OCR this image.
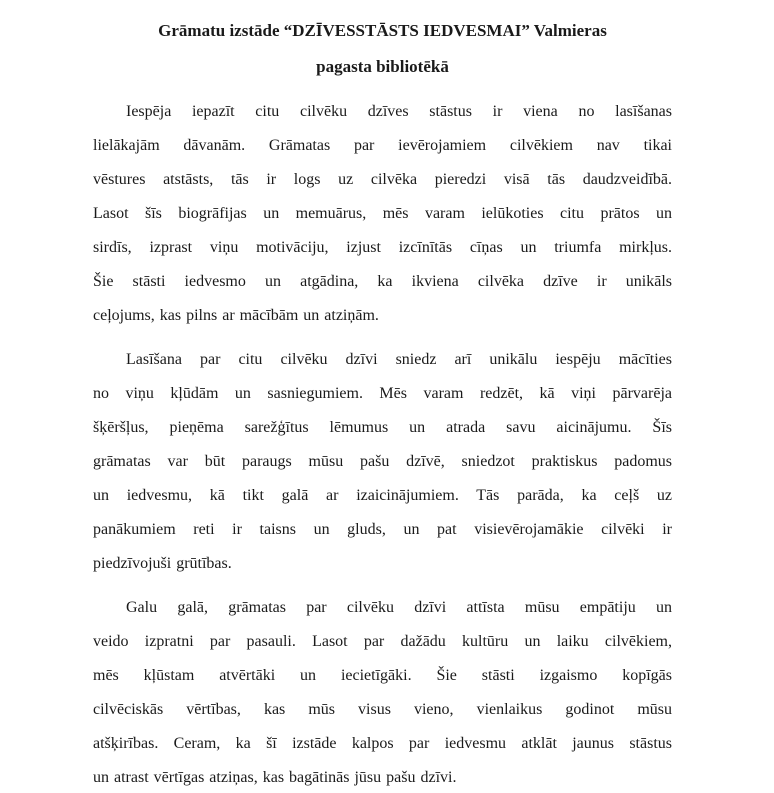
Grāmatu izstāde “DZĪVESSTĀSTS IEDVESMAI” Valmieras
pagasta bibliotēkā
Iespēja iepazīt citu cilvēku dzīves stāstus ir viena no lasīšanas
lielākajām dāvanām. Grāmatas par ievērojamiem cilvēkiem nav tikai
vēstures atstāsts, tās ir logs uz cilvēka pieredzi visā tās daudzveidībā.
Lasot šīs biogrāfijas un memuārus, mēs varam ielūkoties citu prātos un
sirdīs, izprast viņu motivāciju, izjust izcīnītās cīņas un triumfa mirkļus.
Šie stāsti iedvesmo un atgādina, ka ikviena cilvēka dzīve ir unikāls
ceļojums, kas pilns ar mācībām un atziņām.
Lasīšana par citu cilvēku dzīvi sniedz arī unikālu iespēju mācīties
no viņu kļūdām un sasniegumiem. Mēs varam redzēt, kā viņi pārvarēja
šķēršļus, pieņēma sarežģītus lēmumus un atrada savu aicinājumu. Šīs
grāmatas var būt paraugs mūsu pašu dzīvē, sniedzot praktiskus padomus
un iedvesmu, kā tikt galā ar izaicinājumiem. Tās parāda, ka ceļš uz
panākumiem reti ir taisns un gluds, un pat visievērojamākie cilvēki ir
piedzīvojuši grūtības.
Galu galā, grāmatas par cilvēku dzīvi attīsta mūsu empātiju un
veido izpratni par pasauli. Lasot par dažādu kultūru un laiku cilvēkiem,
mēs kļūstam atvērtāki un iecietīgāki. Šie stāsti izgaismo kopīgās
cilvēciskās vērtības, kas mūs visus vieno, vienlaikus godinot mūsu
atšķirības. Ceram, ka šī izstāde kalpos par iedvesmu atklāt jaunus stāstus
un atrast vērtīgas atziņas, kas bagātinās jūsu pašu dzīvi.
